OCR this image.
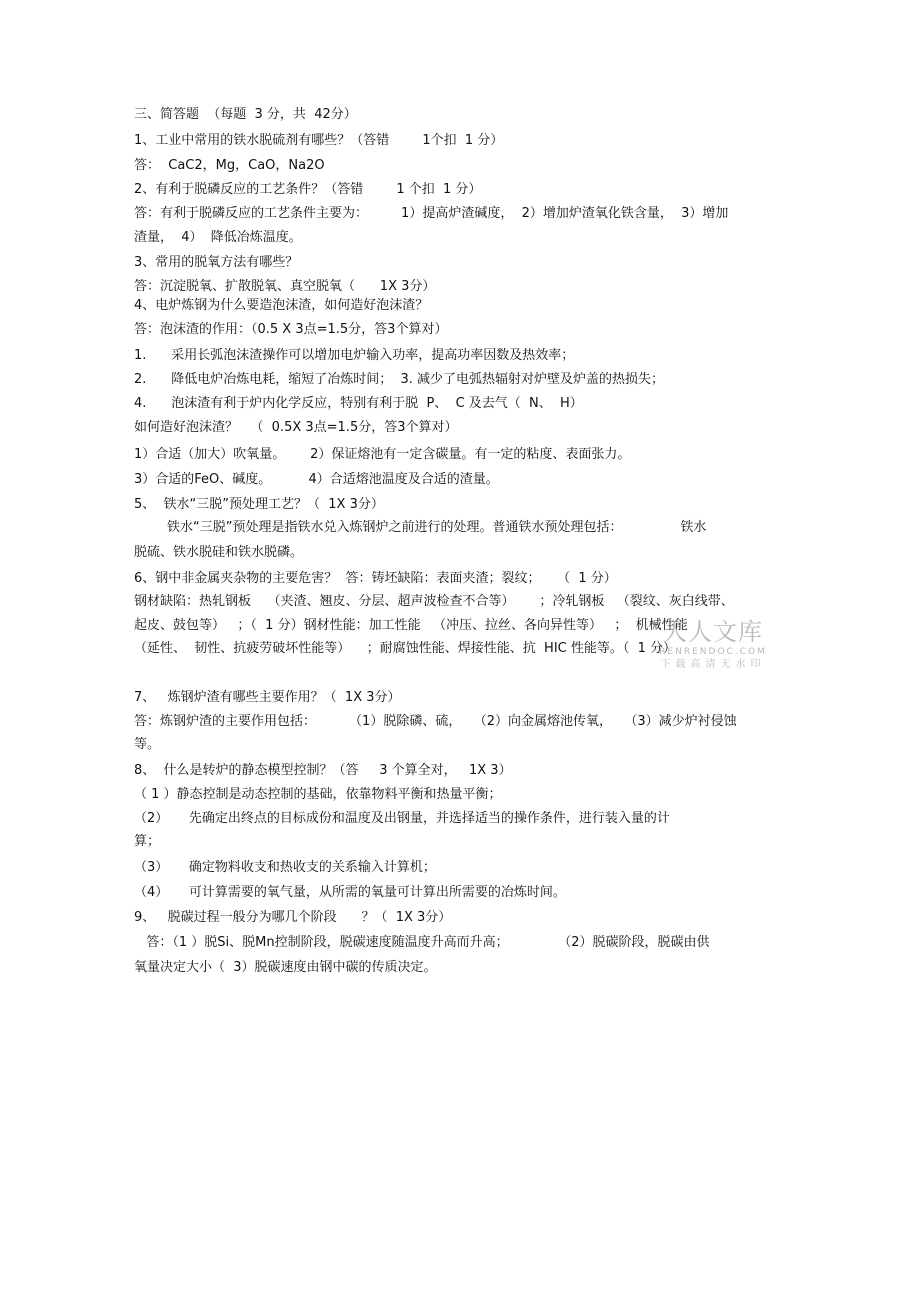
三、简答题  （每题  3 分，共  42分）
1、工业中常用的铁水脱硫剂有哪些？（答错        1个扣  1 分）
答：  CaC2，Mg，CaO，Na2O
2、有利于脱磷反应的工艺条件？（答错        1 个扣  1 分）
答：有利于脱磷反应的工艺条件主要为：        1）提高炉渣碱度，  2）增加炉渣氧化铁含量，  3）增加
渣量，  4）  降低冶炼温度。
3、常用的脱氧方法有哪些？
答：沉淀脱氧、扩散脱氧、真空脱氧（      1X 3分）
4、电炉炼钢为什么要造泡沫渣，如何造好泡沫渣？
答：泡沫渣的作用：（0.5 X 3点=1.5分，答3个算对）
1.      采用长弧泡沫渣操作可以增加电炉输入功率，提高功率因数及热效率；
2.      降低电炉冶炼电耗，缩短了冶炼时间；  3. 减少了电弧热辐射对炉壁及炉盖的热损失；
4.      泡沫渣有利于炉内化学反应，特别有利于脱  P、  C 及去气（  N、  H）
如何造好泡沫渣？   （  0.5X 3点=1.5分，答3个算对）
1）合适（加大）吹氧量。      2）保证熔池有一定含碳量。有一定的粘度、表面张力。
3）合适的FeO、碱度。         4）合适熔池温度及合适的渣量。
5、  铁水“三脱”预处理工艺？（  1X 3分）
铁水“三脱”预处理是指铁水兑入炼钢炉之前进行的处理。普通铁水预处理包括：              铁水
脱硫、铁水脱硅和铁水脱磷。
6、钢中非金属夹杂物的主要危害？  答：铸坯缺陷：表面夹渣；裂纹；    （  1 分）
钢材缺陷：热轧钢板    （夹渣、翘皮、分层、超声波检查不合等）      ；冷轧钢板   （裂纹、灰白线带、
起皮、鼓包等）   ；（  1 分）钢材性能：加工性能   （冲压、拉丝、各向异性等）   ；  机械性能
（延性、  韧性、抗疲劳破坏性能等）    ；耐腐蚀性能、焊接性能、抗  HIC 性能等。（  1 分）
7、   炼钢炉渣有哪些主要作用？（  1X 3分）
答：炼钢炉渣的主要作用包括：        （1）脱除磷、硫，   （2）向金属熔池传氧，   （3）减少炉衬侵蚀
等。
8、  什么是转炉的静态模型控制？（答     3 个算全对，   1X 3）
（ 1 ）静态控制是动态控制的基础，依靠物料平衡和热量平衡；
（2）     先确定出终点的目标成份和温度及出钢量，并选择适当的操作条件，进行装入量的计
算；
（3）     确定物料收支和热收支的关系输入计算机；
（4）     可计算需要的氧气量，从所需的氧量可计算出所需要的冶炼时间。
9、   脱碳过程一般分为哪几个阶段      ？（  1X 3分）
答：（1 ）脱Si、脱Mn控制阶段，脱碳速度随温度升高而升高；            （2）脱碳阶段，脱碳由供
氧量决定大小（  3）脱碳速度由钢中碳的传质决定。
人人文库
RENRENDOC.COM
下载高清无水印
